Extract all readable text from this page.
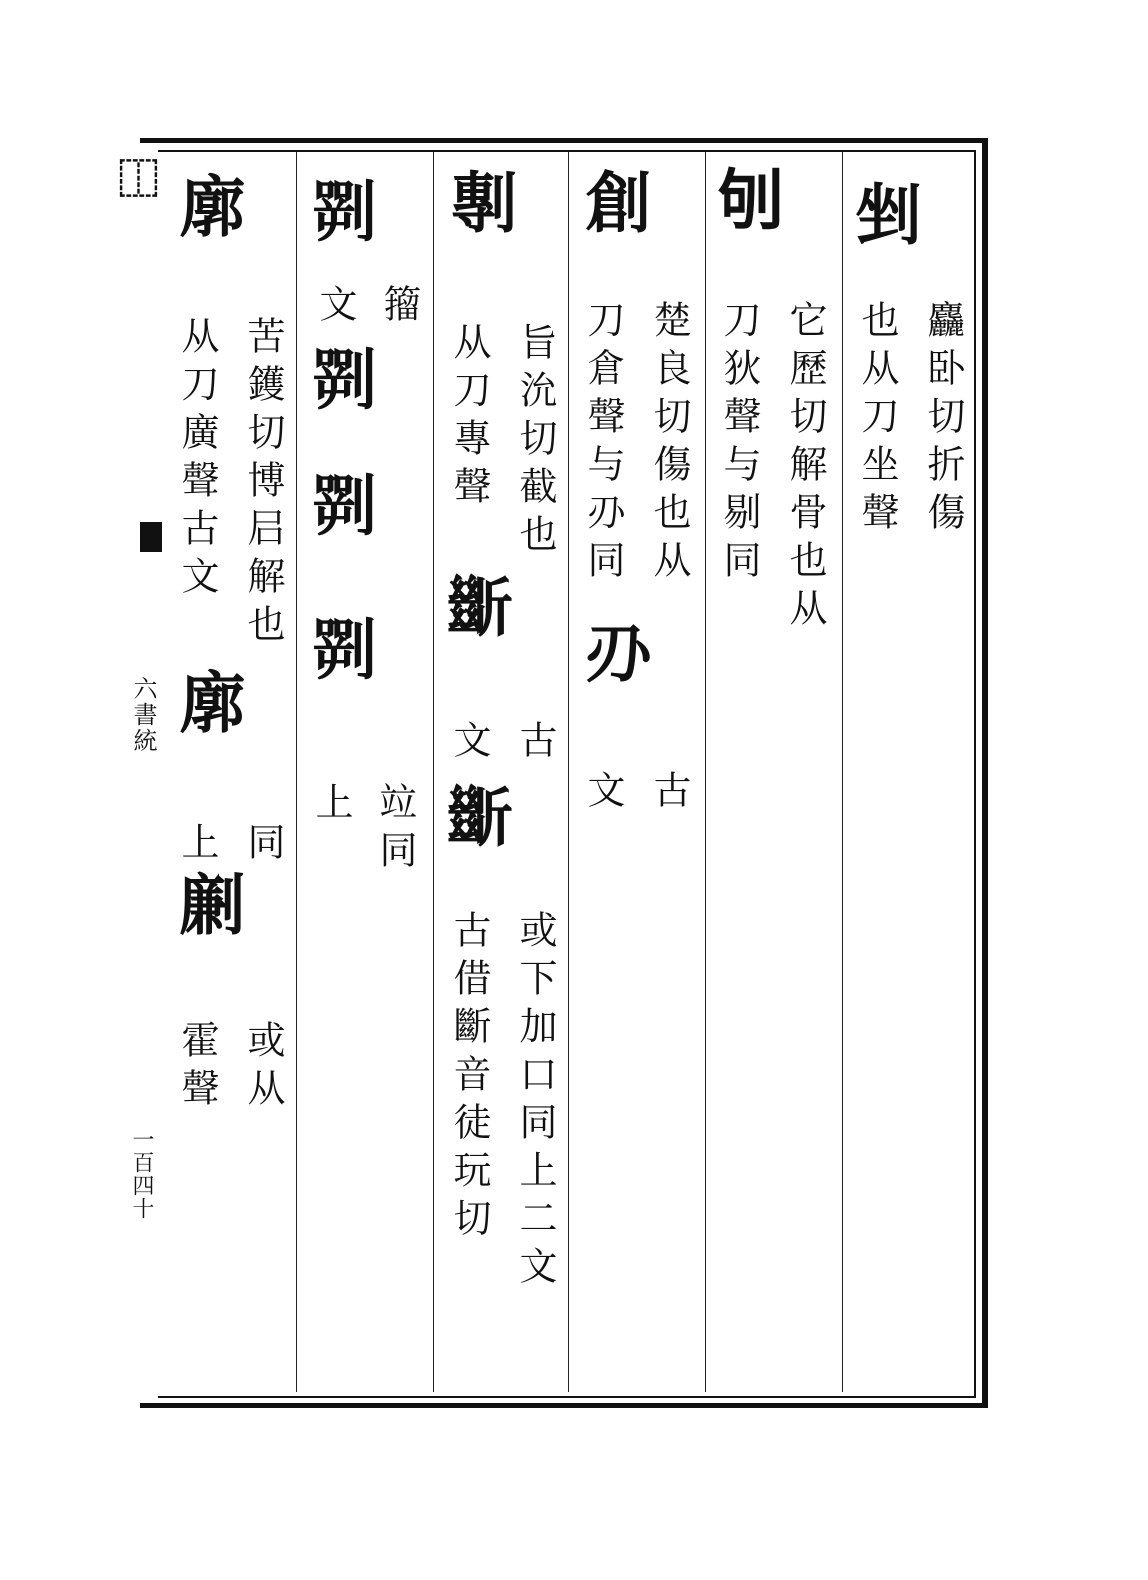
⿰
六書統
一百四十
剉
麤卧切折傷
也从刀坐聲
𠛎
它歷切解骨也从
刀狄聲与剔同
創
楚良切傷也从
刀倉聲与刅同
刅
古
文
剸
旨沇切截也
从刀專聲
𣃔
古
文
𣃔
或下加口同上二文
古借斷音徒玩切
𠟎
籀
文
𠟎
𠟎
𠟎
竝同
上
廓
苦鑊切博𡰪解也
从刀廣聲古文
廓
同
上
劆
或从
霍聲
